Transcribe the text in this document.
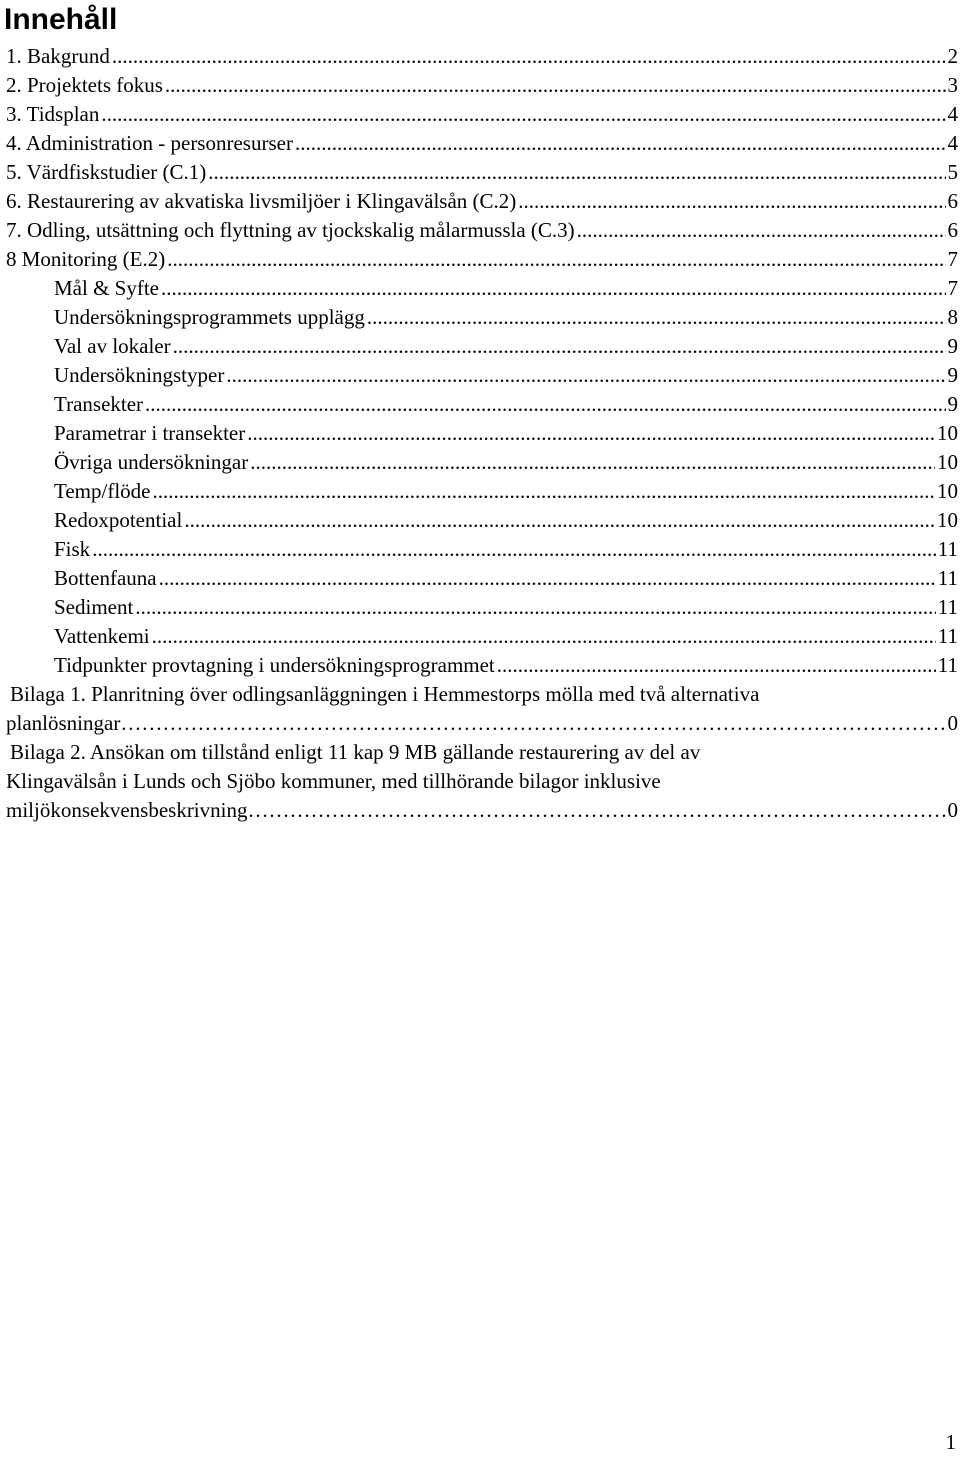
Innehåll
1. Bakgrund .....	2
2. Projektets fokus .....	3
3. Tidsplan .....	4
4. Administration - personresurser .....	4
5. Värdfiskstudier (C.1) .....	5
6. Restaurering av akvatiska livsmiljöer i Klingavälsån (C.2) .....	6
7. Odling, utsättning och flyttning av tjockskalig målarmussla (C.3) .....	6
8 Monitoring (E.2) .....	7
Mål & Syfte .....	7
Undersökningsprogrammets upplägg .....	8
Val av lokaler .....	9
Undersökningstyper .....	9
Transekter .....	9
Parametrar i transekter .....	10
Övriga undersökningar .....	10
Temp/flöde .....	10
Redoxpotential .....	10
Fisk .....	11
Bottenfauna .....	11
Sediment .....	11
Vattenkemi .....	11
Tidpunkter provtagning i undersökningsprogrammet .....	11
Bilaga 1. Planritning över odlingsanläggningen i Hemmestorps mölla med två alternativa
planlösningar …………………………………………………………………………………………………………………………………………………………………………………………………………	0
Bilaga 2. Ansökan om tillstånd enligt 11 kap 9 MB gällande restaurering av del av
Klingavälsån i Lunds och Sjöbo kommuner, med tillhörande bilagor inklusive
miljökonsekvensbeskrivning …………………………………………………………………………………………………………………………………………………………………………………………………………	0
1
